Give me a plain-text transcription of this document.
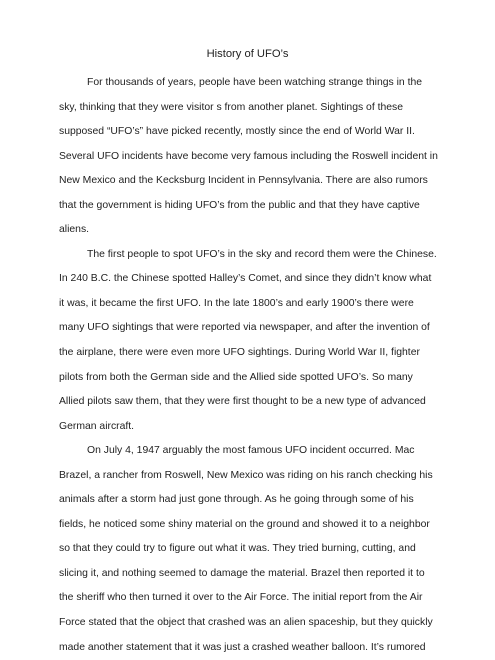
History of UFO’s
For thousands of years, people have been watching strange things in the
sky, thinking that they were visitor s from another planet. Sightings of these
supposed “UFO’s” have picked recently, mostly since the end of World War II.
Several UFO incidents have become very famous including the Roswell incident in
New Mexico and the Kecksburg Incident in Pennsylvania. There are also rumors
that the government is hiding UFO’s from the public and that they have captive
aliens.
The first people to spot UFO’s in the sky and record them were the Chinese.
In 240 B.C. the Chinese spotted Halley’s Comet, and since they didn’t know what
it was, it became the first UFO. In the late 1800’s and early 1900’s there were
many UFO sightings that were reported via newspaper, and after the invention of
the airplane, there were even more UFO sightings. During World War II, fighter
pilots from both the German side and the Allied side spotted UFO’s. So many
Allied pilots saw them, that they were first thought to be a new type of advanced
German aircraft.
On July 4, 1947 arguably the most famous UFO incident occurred. Mac
Brazel, a rancher from Roswell, New Mexico was riding on his ranch checking his
animals after a storm had just gone through. As he going through some of his
fields, he noticed some shiny material on the ground and showed it to a neighbor
so that they could try to figure out what it was. They tried burning, cutting, and
slicing it, and nothing seemed to damage the material. Brazel then reported it to
the sheriff who then turned it over to the Air Force. The initial report from the Air
Force stated that the object that crashed was an alien spaceship, but they quickly
made another statement that it was just a crashed weather balloon. It’s rumored
